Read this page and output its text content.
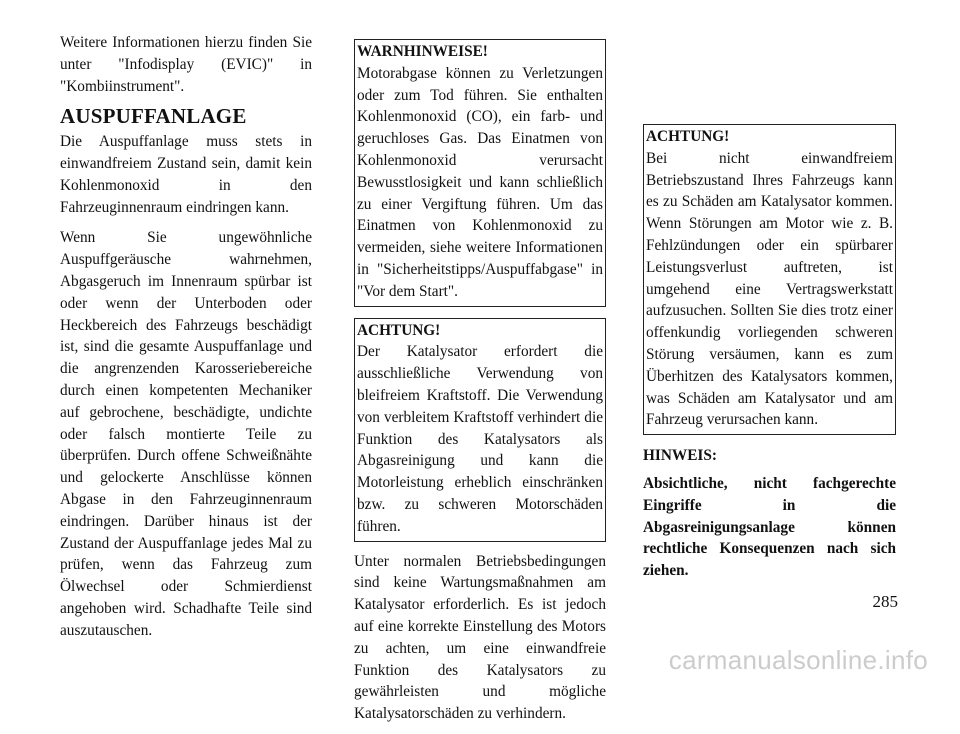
Weitere Informationen hierzu finden Sie unter "Infodisplay (EVIC)" in "Kombiinstrument".

AUSPUFFANLAGE

Die Auspuffanlage muss stets in einwandfreiem Zustand sein, damit kein Kohlenmonoxid in den Fahrzeuginnenraum eindringen kann.

Wenn Sie ungewöhnliche Auspuffgeräusche wahrnehmen, Abgasgeruch im Innenraum spürbar ist oder wenn der Unterboden oder Heckbereich des Fahrzeugs beschädigt ist, sind die gesamte Auspuffanlage und die angrenzenden Karosseriebereiche durch einen kompetenten Mechaniker auf gebrochene, beschädigte, undichte oder falsch montierte Teile zu überprüfen. Durch offene Schweißnähte und gelockerte Anschlüsse können Abgase in den Fahrzeuginnenraum eindringen. Darüber hinaus ist der Zustand der Auspuffanlage jedes Mal zu prüfen, wenn das Fahrzeug zum Ölwechsel oder Schmierdienst angehoben wird. Schadhafte Teile sind auszutauschen.

WARNHINWEISE!

Motorabgase können zu Verletzungen oder zum Tod führen. Sie enthalten Kohlenmonoxid (CO), ein farb- und geruchloses Gas. Das Einatmen von Kohlenmonoxid verursacht Bewusstlosigkeit und kann schließlich zu einer Vergiftung führen. Um das Einatmen von Kohlenmonoxid zu vermeiden, siehe weitere Informationen in "Sicherheitstipps/Auspuffabgase" in "Vor dem Start".

ACHTUNG!

Der Katalysator erfordert die ausschließliche Verwendung von bleifreiem Kraftstoff. Die Verwendung von verbleitem Kraftstoff verhindert die Funktion des Katalysators als Abgasreinigung und kann die Motorleistung erheblich einschränken bzw. zu schweren Motorschäden führen.

Unter normalen Betriebsbedingungen sind keine Wartungsmaßnahmen am Katalysator erforderlich. Es ist jedoch auf eine korrekte Einstellung des Motors zu achten, um eine einwandfreie Funktion des Katalysators zu gewährleisten und mögliche Katalysatorschäden zu verhindern.

ACHTUNG!

Bei nicht einwandfreiem Betriebszustand Ihres Fahrzeugs kann es zu Schäden am Katalysator kommen. Wenn Störungen am Motor wie z. B. Fehlzündungen oder ein spürbarer Leistungsverlust auftreten, ist umgehend eine Vertragswerkstatt aufzusuchen. Sollten Sie dies trotz einer offenkundig vorliegenden schweren Störung versäumen, kann es zum Überhitzen des Katalysators kommen, was Schäden am Katalysator und am Fahrzeug verursachen kann.

HINWEIS:

Absichtliche, nicht fachgerechte Eingriffe in die Abgasreinigungsanlage können rechtliche Konsequenzen nach sich ziehen.

285
carmanualsonline.info
